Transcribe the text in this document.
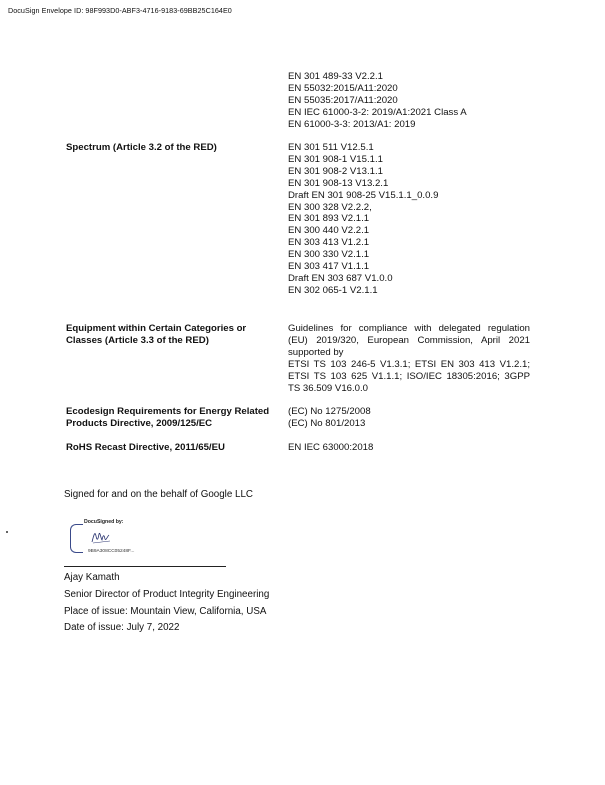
DocuSign Envelope ID: 98F993D0-ABF3-4716-9183-69BB25C164E0
EN 301 489-33 V2.2.1
EN 55032:2015/A11:2020
EN 55035:2017/A11:2020
EN IEC 61000-3-2: 2019/A1:2021 Class A
EN 61000-3-3: 2013/A1: 2019
Spectrum (Article 3.2 of the RED)	EN 301 511 V12.5.1
EN 301 908-1 V15.1.1
EN 301 908-2 V13.1.1
EN 301 908-13 V13.2.1
Draft EN 301 908-25 V15.1.1_0.0.9
EN 300 328 V2.2.2,
EN 301 893 V2.1.1
EN 300 440 V2.2.1
EN 303 413 V1.2.1
EN 300 330 V2.1.1
EN 303 417 V1.1.1
Draft EN 303 687 V1.0.0
EN 302 065-1 V2.1.1
Equipment within Certain Categories or
Classes (Article 3.3 of the RED)
Guidelines for compliance with delegated regulation
(EU) 2019/320, European Commission, April 2021
supported by
ETSI TS 103 246-5 V1.3.1; ETSI EN 303 413 V1.2.1;
ETSI TS 103 625 V1.1.1; ISO/IEC 18305:2016; 3GPP
TS 36.509 V16.0.0
Ecodesign Requirements for Energy Related
Products Directive, 2009/125/EC
(EC) No 1275/2008
(EC) No 801/2013
RoHS Recast Directive, 2011/65/EU	EN IEC 63000:2018
Signed for and on the behalf of Google LLC
DocuSigned by:
9B9A308CC05248F...
Ajay Kamath
Senior Director of Product Integrity Engineering
Place of issue: Mountain View, California, USA
Date of issue: July 7, 2022
